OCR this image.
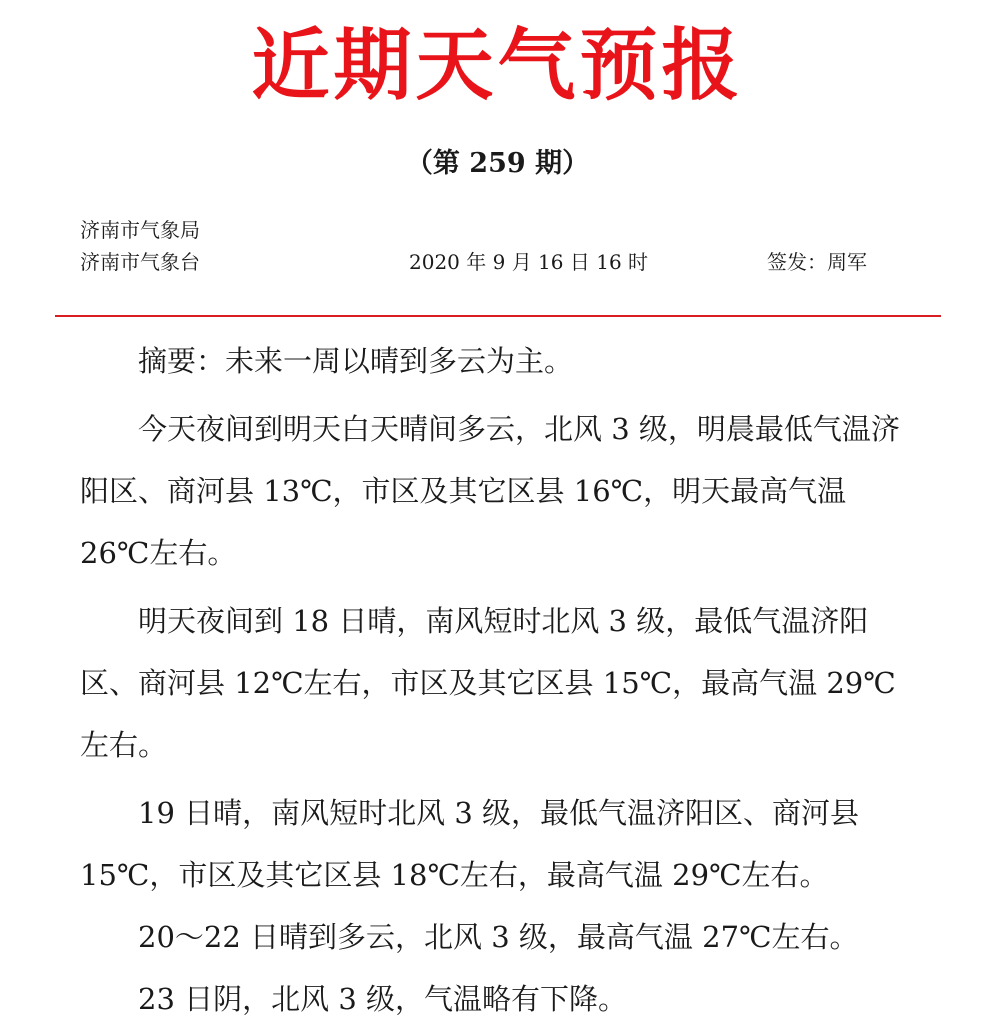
近期天气预报
（第 259 期）
济南市气象局
济南市气象台	2020 年 9 月 16 日 16 时	签发：周军

摘要：未来一周以晴到多云为主。

今天夜间到明天白天晴间多云，北风 3 级，明晨最低气温济阳区、商河县 13℃，市区及其它区县 16℃，明天最高气温 26℃左右。

明天夜间到 18 日晴，南风短时北风 3 级，最低气温济阳区、商河县 12℃左右，市区及其它区县 15℃，最高气温 29℃左右。

19 日晴，南风短时北风 3 级，最低气温济阳区、商河县 15℃，市区及其它区县 18℃左右，最高气温 29℃左右。

20～22 日晴到多云，北风 3 级，最高气温 27℃左右。

23 日阴，北风 3 级，气温略有下降。
